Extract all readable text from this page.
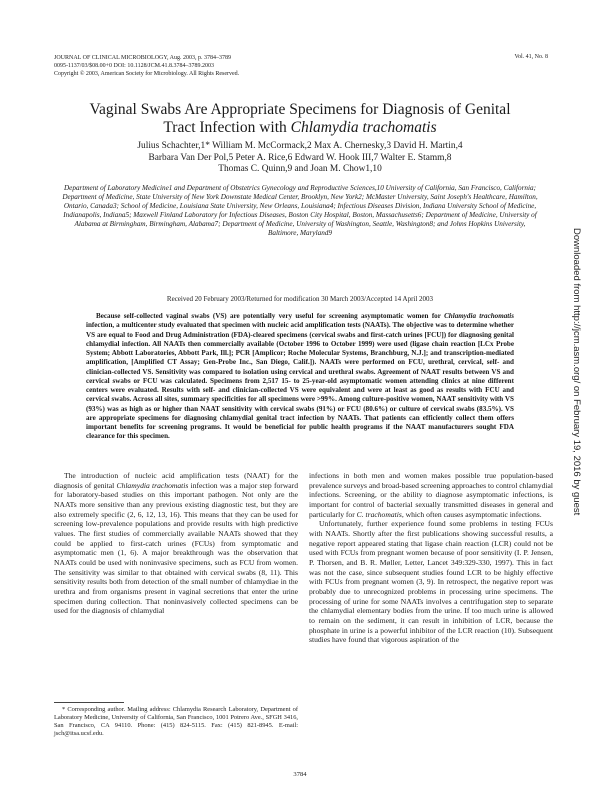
JOURNAL OF CLINICAL MICROBIOLOGY, Aug. 2003, p. 3784–3789
0095-1137/03/$08.00+0 DOI: 10.1128/JCM.41.8.3784–3789.2003
Copyright © 2003, American Society for Microbiology. All Rights Reserved.
Vol. 41, No. 8
Vaginal Swabs Are Appropriate Specimens for Diagnosis of Genital
Tract Infection with Chlamydia trachomatis
Julius Schachter,1* William M. McCormack,2 Max A. Chernesky,3 David H. Martin,4
Barbara Van Der Pol,5 Peter A. Rice,6 Edward W. Hook III,7 Walter E. Stamm,8
Thomas C. Quinn,9 and Joan M. Chow1,10
Department of Laboratory Medicine1 and Department of Obstetrics Gynecology and Reproductive Sciences,10 University of California, San Francisco, California; Department of Medicine, State University of New York Downstate Medical Center, Brooklyn, New York2; McMaster University, Saint Joseph's Healthcare, Hamilton, Ontario, Canada3; School of Medicine, Louisiana State University, New Orleans, Louisiana4; Infectious Diseases Division, Indiana University School of Medicine, Indianapolis, Indiana5; Maxwell Finland Laboratory for Infectious Diseases, Boston City Hospital, Boston, Massachusetts6; Department of Medicine, University of Alabama at Birmingham, Birmingham, Alabama7; Department of Medicine, University of Washington, Seattle, Washington8; and Johns Hopkins University, Baltimore, Maryland9
Received 20 February 2003/Returned for modification 30 March 2003/Accepted 14 April 2003
Because self-collected vaginal swabs (VS) are potentially very useful for screening asymptomatic women for Chlamydia trachomatis infection, a multicenter study evaluated that specimen with nucleic acid amplification tests (NAATs). The objective was to determine whether VS are equal to Food and Drug Administration (FDA)-cleared specimens (cervical swabs and first-catch urines [FCU]) for diagnosing genital chlamydial infection. All NAATs then commercially available (October 1996 to October 1999) were used (ligase chain reaction [LCx Probe System; Abbott Laboratories, Abbott Park, Ill.]; PCR [Amplicor; Roche Molecular Systems, Branchburg, N.J.]; and transcription-mediated amplification, [Amplified CT Assay; Gen-Probe Inc., San Diego, Calif.]). NAATs were performed on FCU, urethral, cervical, self- and clinician-collected VS. Sensitivity was compared to isolation using cervical and urethral swabs. Agreement of NAAT results between VS and cervical swabs or FCU was calculated. Specimens from 2,517 15- to 25-year-old asymptomatic women attending clinics at nine different centers were evaluated. Results with self- and clinician-collected VS were equivalent and were at least as good as results with FCU and cervical swabs. Across all sites, summary specificities for all specimens were >99%. Among culture-positive women, NAAT sensitivity with VS (93%) was as high as or higher than NAAT sensitivity with cervical swabs (91%) or FCU (80.6%) or culture of cervical swabs (83.5%). VS are appropriate specimens for diagnosing chlamydial genital tract infection by NAATs. That patients can efficiently collect them offers important benefits for screening programs. It would be beneficial for public health programs if the NAAT manufacturers sought FDA clearance for this specimen.

The introduction of nucleic acid amplification tests (NAAT) for the diagnosis of genital Chlamydia trachomatis infection was a major step forward for laboratory-based studies on this important pathogen. Not only are the NAATs more sensitive than any previous existing diagnostic test, but they are also extremely specific (2, 6, 12, 13, 16). This means that they can be used for screening low-prevalence populations and provide results with high predictive values. The first studies of commercially available NAATs showed that they could be applied to first-catch urines (FCUs) from symptomatic and asymptomatic men (1, 6). A major breakthrough was the observation that NAATs could be used with noninvasive specimens, such as FCU from women. The sensitivity was similar to that obtained with cervical swabs (8, 11). This sensitivity results both from detection of the small number of chlamydiae in the urethra and from organisms present in vaginal secretions that enter the urine specimen during collection. That noninvasively collected specimens can be used for the diagnosis of chlamydial

infections in both men and women makes possible true population-based prevalence surveys and broad-based screening approaches to control chlamydial infections. Screening, or the ability to diagnose asymptomatic infections, is important for control of bacterial sexually transmitted diseases in general and particularly for C. trachomatis, which often causes asymptomatic infections.

Unfortunately, further experience found some problems in testing FCUs with NAATs. Shortly after the first publications showing successful results, a negative report appeared stating that ligase chain reaction (LCR) could not be used with FCUs from pregnant women because of poor sensitivity (I. P. Jensen, P. Thorsen, and B. R. Møller, Letter, Lancet 349:329-330, 1997). This in fact was not the case, since subsequent studies found LCR to be highly effective with FCUs from pregnant women (3, 9). In retrospect, the negative report was probably due to unrecognized problems in processing urine specimens. The processing of urine for some NAATs involves a centrifugation step to separate the chlamydial elementary bodies from the urine. If too much urine is allowed to remain on the sediment, it can result in inhibition of LCR, because the phosphate in urine is a powerful inhibitor of the LCR reaction (10). Subsequent studies have found that vigorous aspiration of the

* Corresponding author. Mailing address: Chlamydia Research Laboratory, Department of Laboratory Medicine, University of California, San Francisco, 1001 Potrero Ave., SFGH 3416, San Francisco, CA 94110. Phone: (415) 824-5115. Fax: (415) 821-8945. E-mail: jsch@itsa.ucsf.edu.
3784
Downloaded from http://jcm.asm.org/ on February 19, 2016 by guest
